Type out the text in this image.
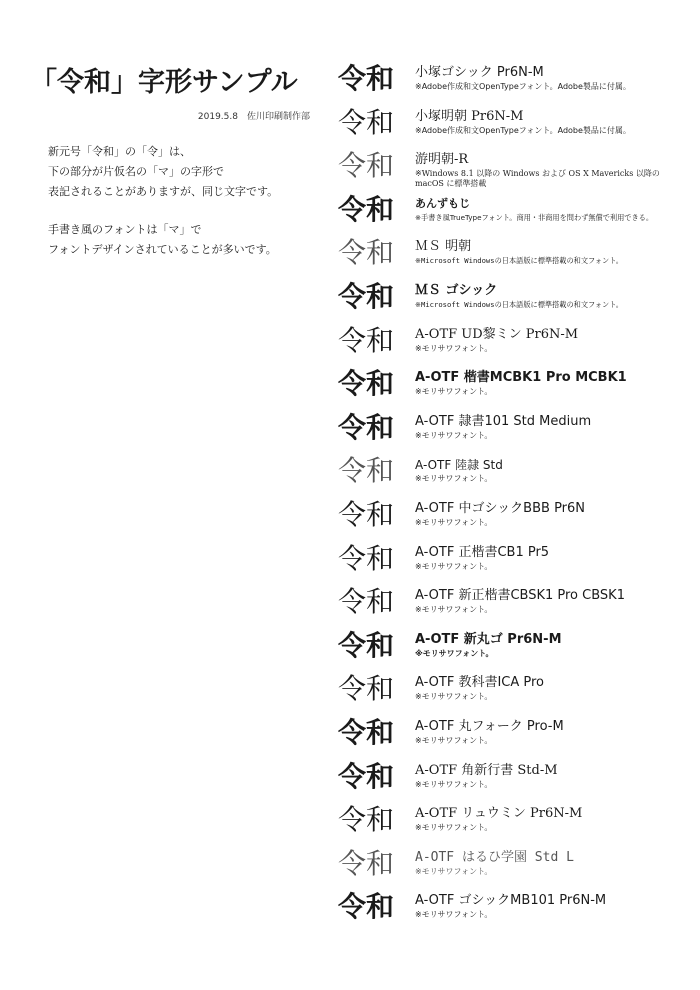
「令和」字形サンプル
2019.5.8　佐川印刷制作部

新元号「令和」の「令」は、

下の部分が片仮名の「マ」の字形で

表記されることがありますが、同じ文字です。

手書き風のフォントは「マ」で

フォントデザインされていることが多いです。

令和	小塚ゴシック Pr6N-M
※Adobe作成和文OpenTypeフォント。Adobe製品に付属。
令和	小塚明朝 Pr6N-M
※Adobe作成和文OpenTypeフォント。Adobe製品に付属。
令和	游明朝-R
※Windows 8.1 以降の Windows および OS X Mavericks 以降の macOS に標準搭載
令和	あんずもじ
※手書き風TrueTypeフォント。商用・非商用を問わず無償で利用できる。
令和	ＭＳ 明朝
※Microsoft Windowsの日本語版に標準搭載の和文フォント。
令和	ＭＳ ゴシック
※Microsoft Windowsの日本語版に標準搭載の和文フォント。
令和	A-OTF UD黎ミン Pr6N-M
※モリサワフォント。
令和	A-OTF 楷書MCBK1 Pro MCBK1
※モリサワフォント。
令和	A-OTF 隷書101 Std Medium
※モリサワフォント。
令和	A-OTF 陸隷 Std
※モリサワフォント。
令和	A-OTF 中ゴシックBBB Pr6N
※モリサワフォント。
令和	A-OTF 正楷書CB1 Pr5
※モリサワフォント。
令和	A-OTF 新正楷書CBSK1 Pro CBSK1
※モリサワフォント。
令和	A-OTF 新丸ゴ Pr6N-M
※モリサワフォント。
令和	A-OTF 教科書ICA Pro
※モリサワフォント。
令和	A-OTF 丸フォーク Pro-M
※モリサワフォント。
令和	A-OTF 角新行書 Std-M
※モリサワフォント。
令和	A-OTF リュウミン Pr6N-M
※モリサワフォント。
令和	A-OTF はるひ学園 Std L
※モリサワフォント。
令和	A-OTF ゴシックMB101 Pr6N-M
※モリサワフォント。
